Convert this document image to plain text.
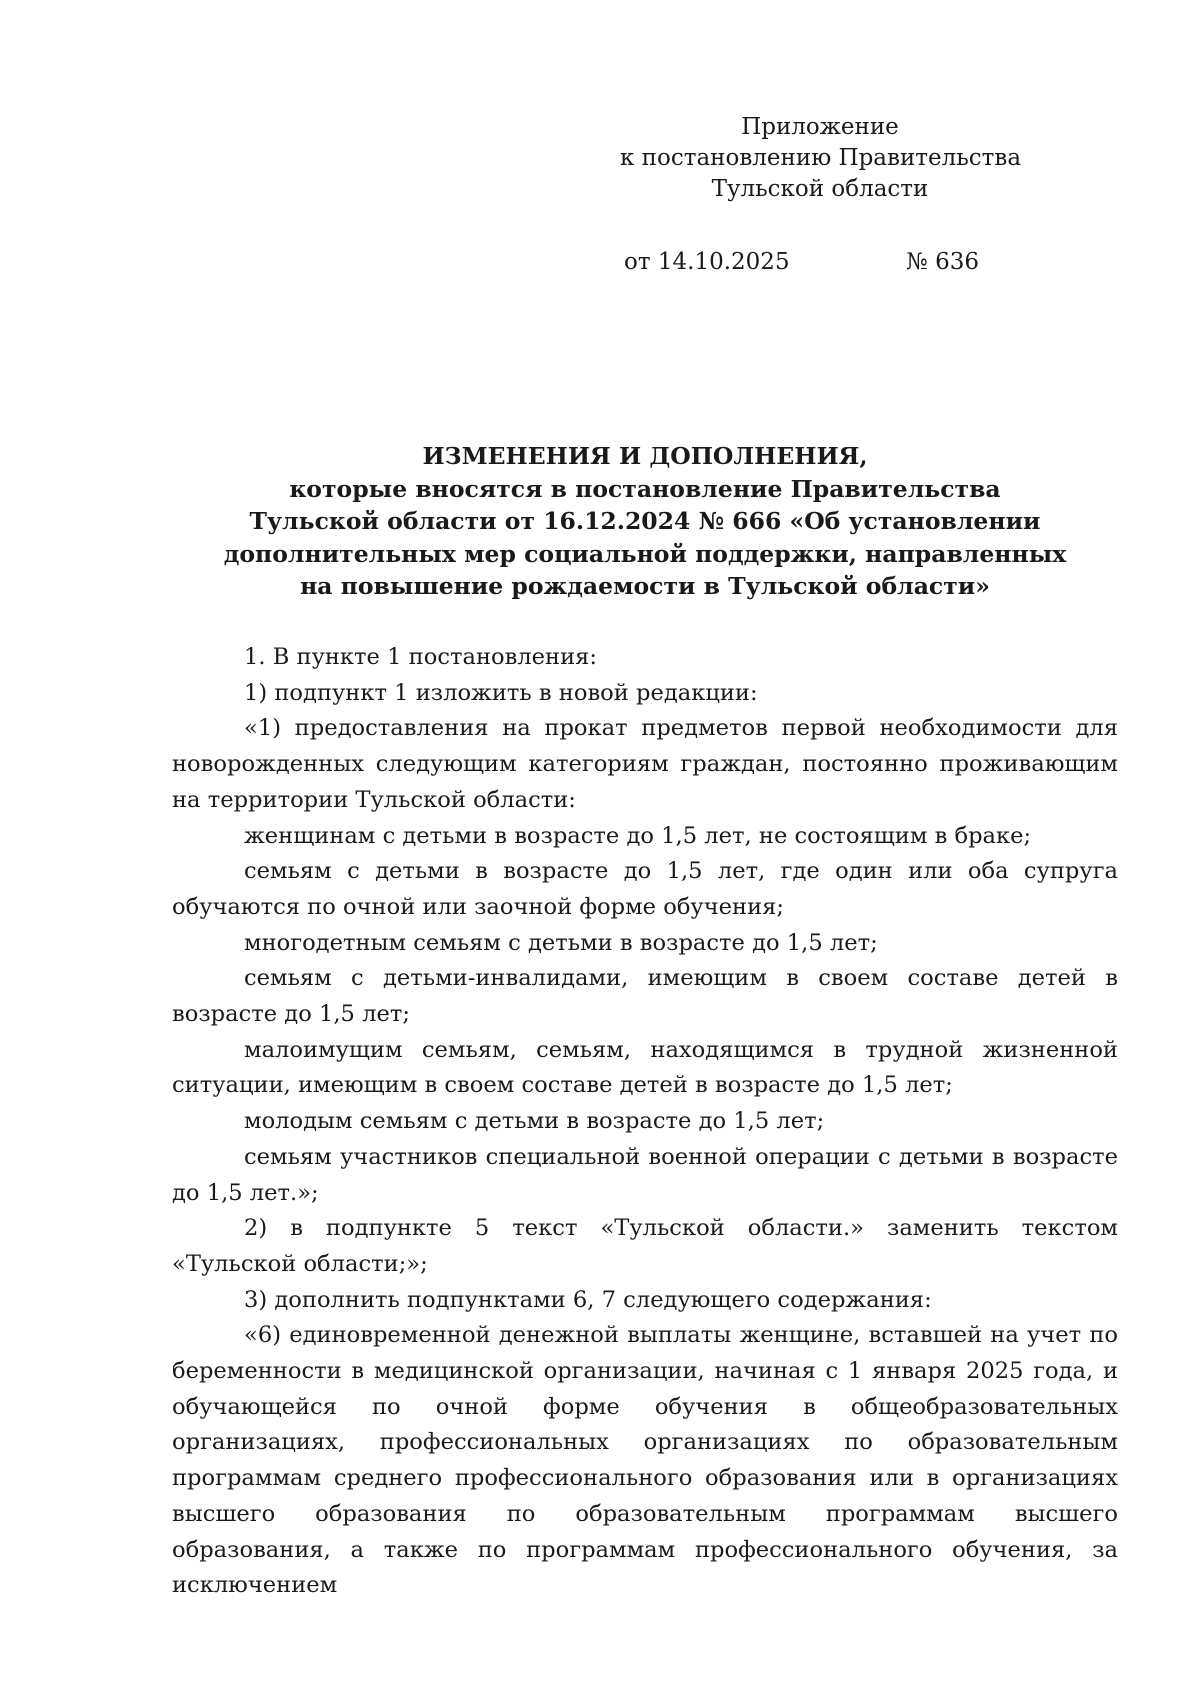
Приложение
к постановлению Правительства
Тульской области
от 14.10.2025	№ 636
ИЗМЕНЕНИЯ И ДОПОЛНЕНИЯ,
которые вносятся в постановление Правительства
Тульской области от 16.12.2024 № 666 «Об установлении
дополнительных мер социальной поддержки, направленных
на повышение рождаемости в Тульской области»

1. В пункте 1 постановления:

1) подпункт 1 изложить в новой редакции:

«1) предоставления на прокат предметов первой необходимости для новорожденных следующим категориям граждан, постоянно проживающим на территории Тульской области:

женщинам с детьми в возрасте до 1,5 лет, не состоящим в браке;

семьям с детьми в возрасте до 1,5 лет, где один или оба супруга обучаются по очной или заочной форме обучения;

многодетным семьям с детьми в возрасте до 1,5 лет;

семьям с детьми-инвалидами, имеющим в своем составе детей в возрасте до 1,5 лет;

малоимущим семьям, семьям, находящимся в трудной жизненной ситуации, имеющим в своем составе детей в возрасте до 1,5 лет;

молодым семьям с детьми в возрасте до 1,5 лет;

семьям участников специальной военной операции с детьми в возрасте до 1,5 лет.»;

2) в подпункте 5 текст «Тульской области.» заменить текстом «Тульской области;»;

3) дополнить подпунктами 6, 7 следующего содержания:

«6) единовременной денежной выплаты женщине, вставшей на учет по беременности в медицинской организации, начиная с 1 января 2025 года, и обучающейся по очной форме обучения в общеобразовательных организациях, профессиональных организациях по образовательным программам среднего профессионального образования или в организациях высшего образования по образовательным программам высшего образования, а также по программам профессионального обучения, за исключением
